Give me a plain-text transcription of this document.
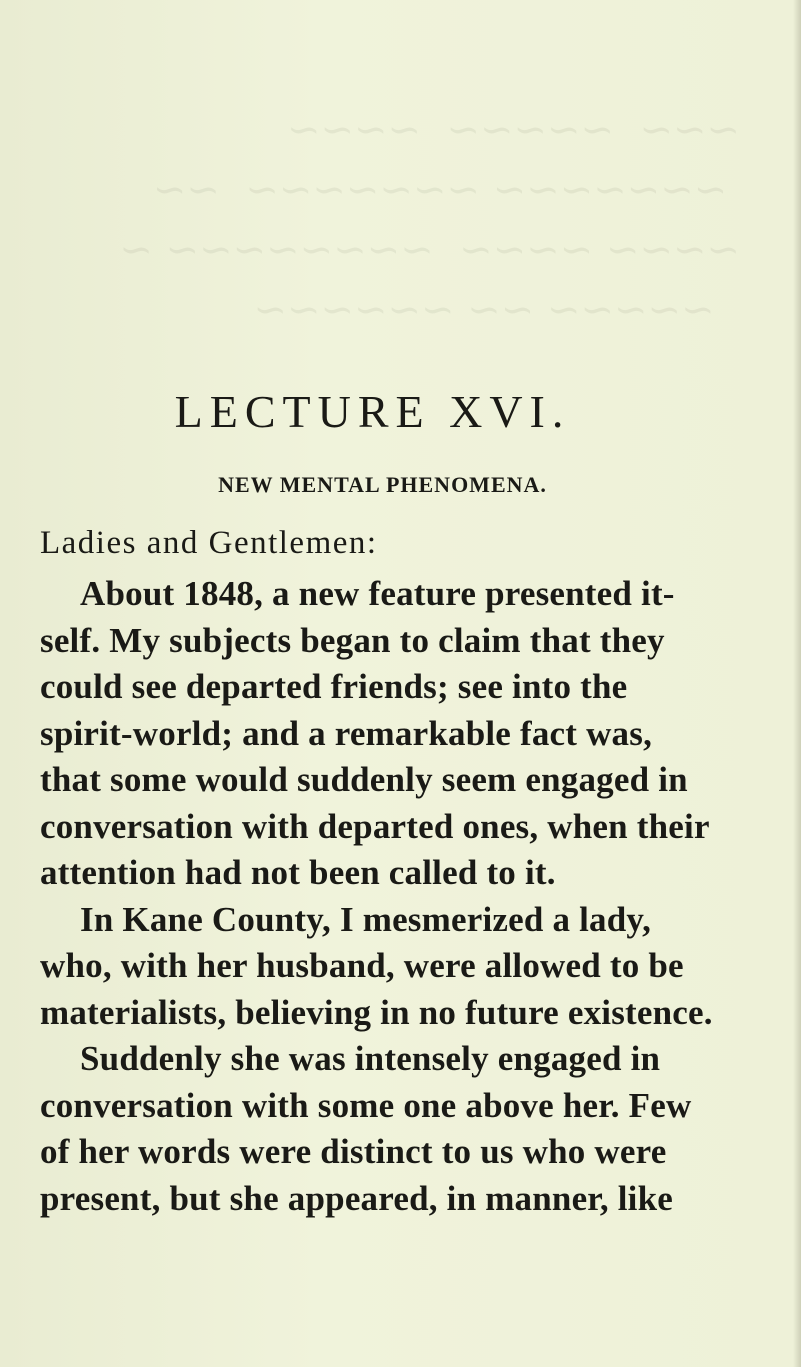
~~~  ~~~~~  ~~~~
~~~~~~~ ~~~~~~~  ~~
~~~~ ~~~~  ~~~~~~~~ ~
~~~~~ ~~ ~~~~~~
LECTURE XVI.
NEW MENTAL PHENOMENA.
Ladies and Gentlemen:
About 1848, a new feature presented it-
self. My subjects began to claim that they
could see departed friends; see into the
spirit-world; and a remarkable fact was,
that some would suddenly seem engaged in
conversation with departed ones, when their
attention had not been called to it.
In Kane County, I mesmerized a lady,
who, with her husband, were allowed to be
materialists, believing in no future existence.
Suddenly she was intensely engaged in
conversation with some one above her. Few
of her words were distinct to us who were
present, but she appeared, in manner, like
